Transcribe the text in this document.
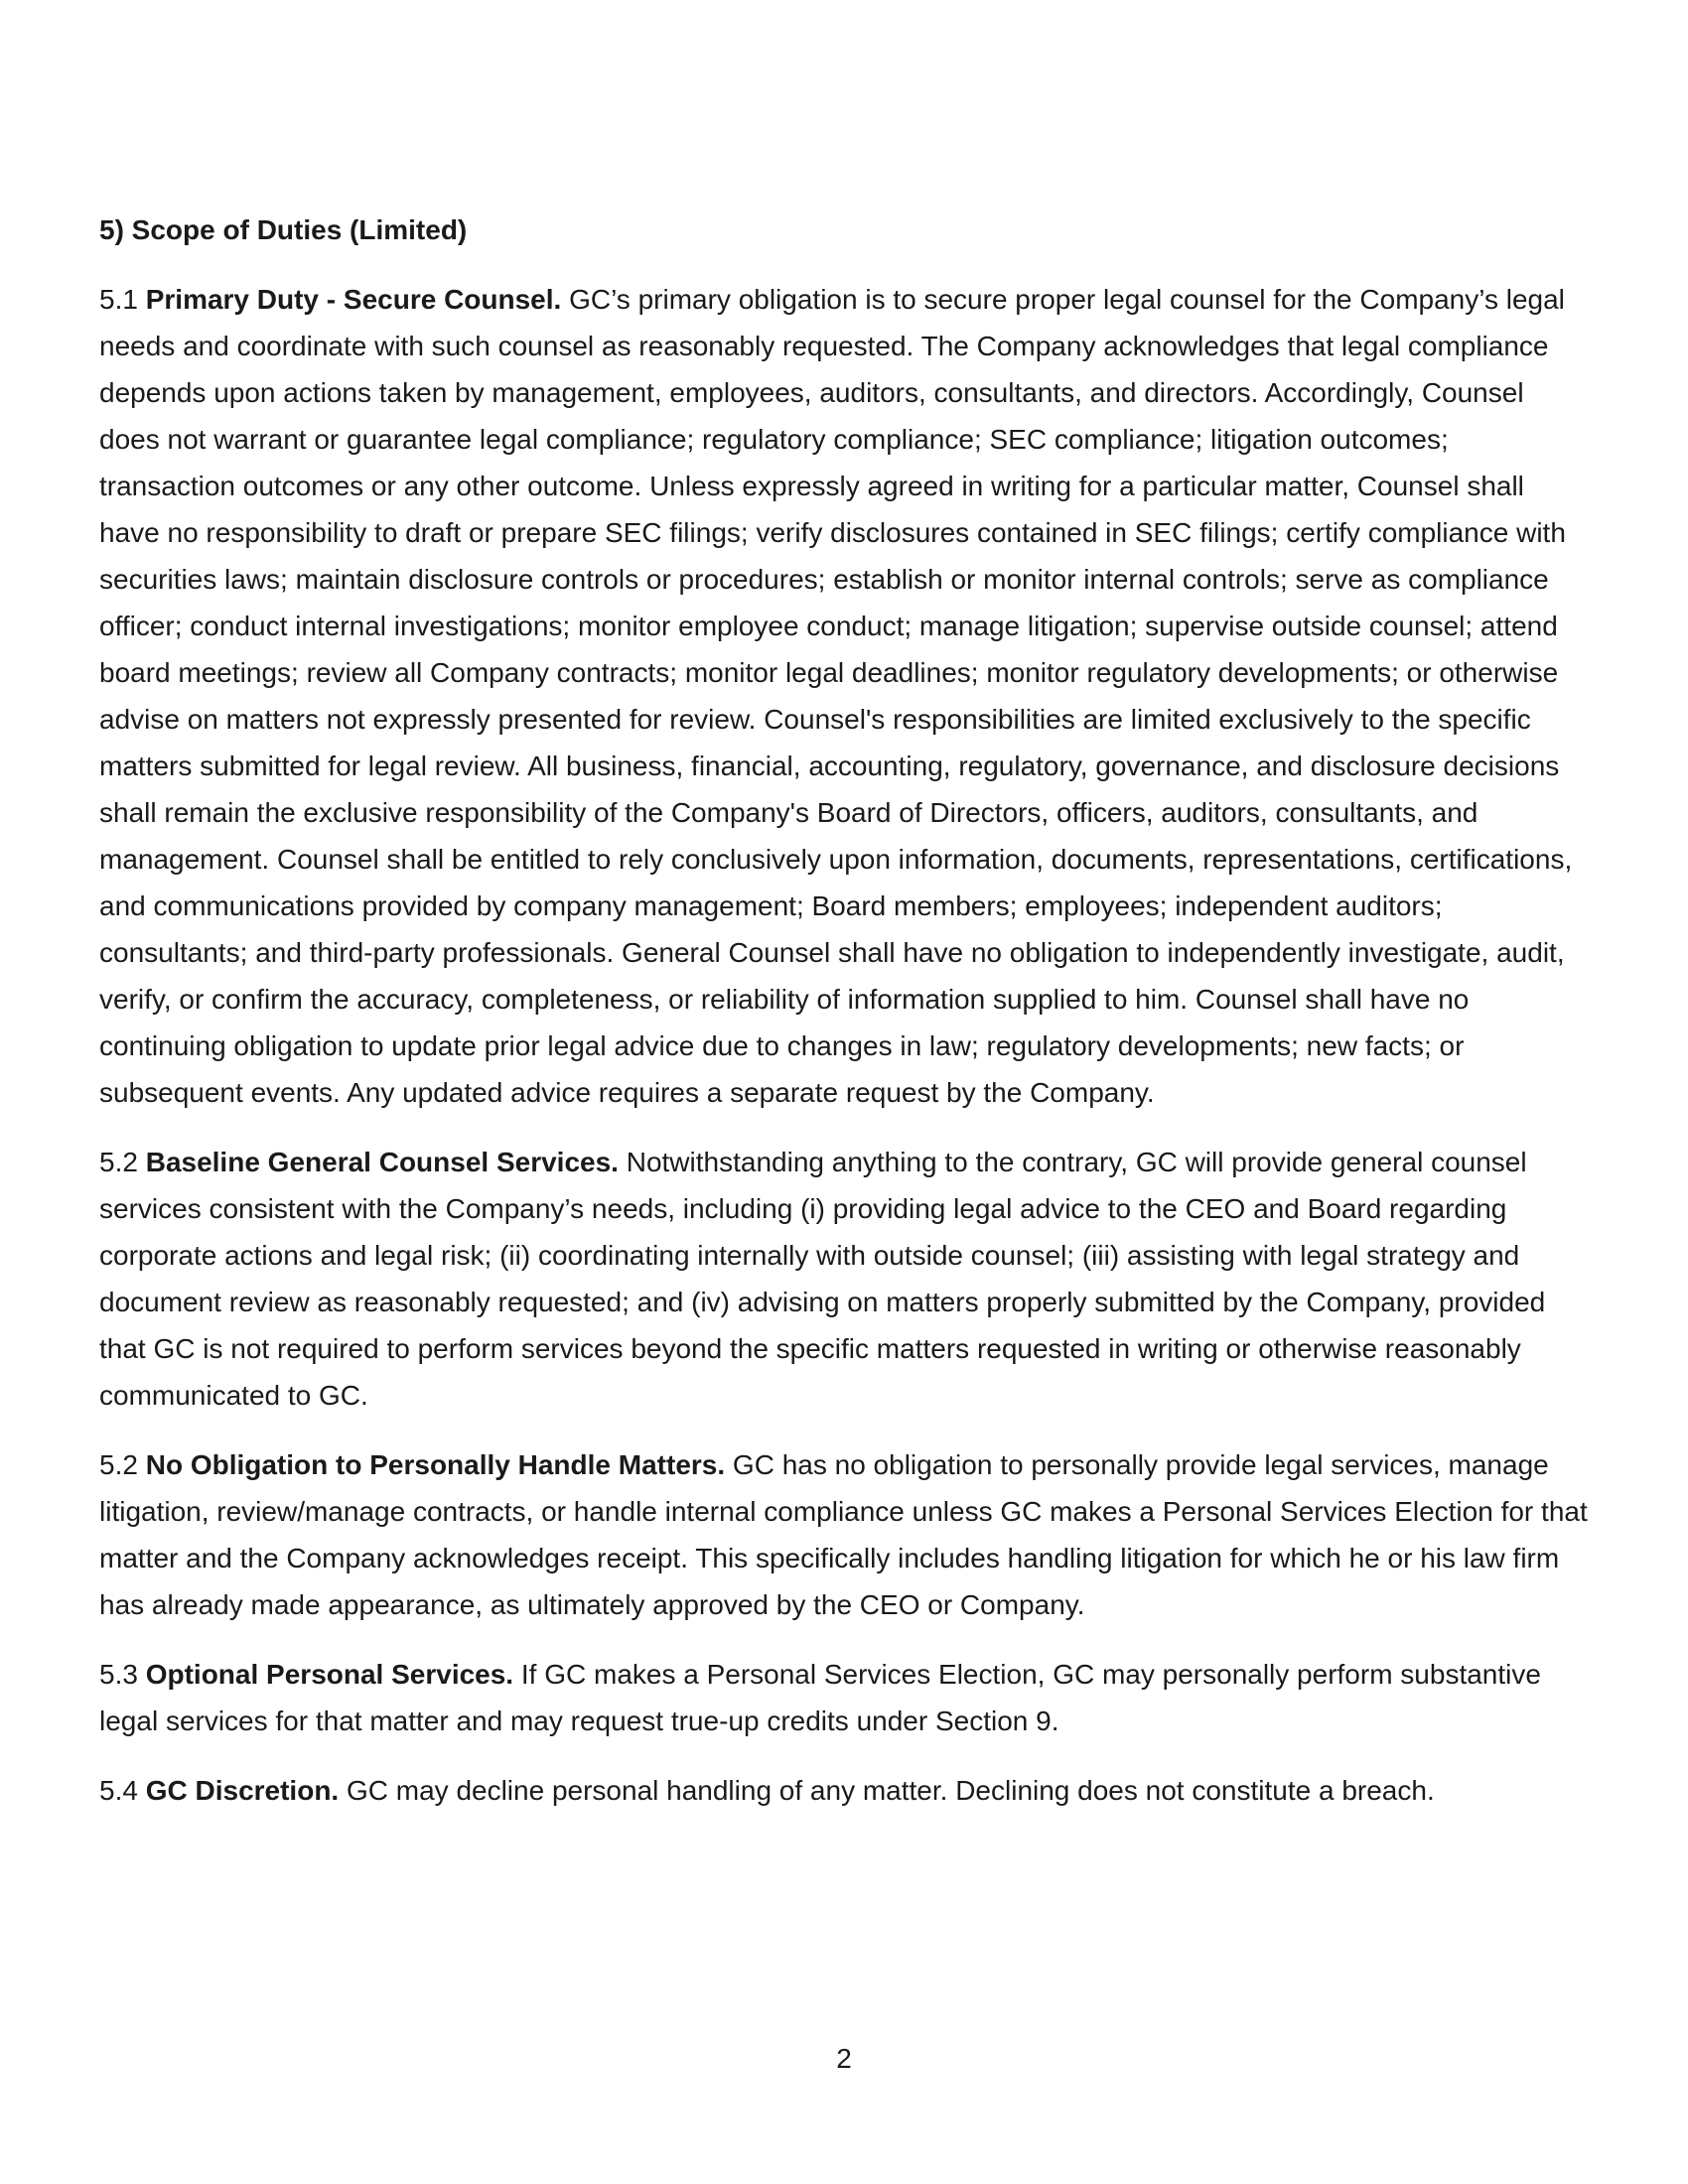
5) Scope of Duties (Limited)

5.1 Primary Duty - Secure Counsel. GC’s primary obligation is to secure proper legal counsel for the Company’s legal needs and coordinate with such counsel as reasonably requested. The Company acknowledges that legal compliance depends upon actions taken by management, employees, auditors, consultants, and directors. Accordingly, Counsel does not warrant or guarantee legal compliance; regulatory compliance; SEC compliance; litigation outcomes; transaction outcomes or any other outcome. Unless expressly agreed in writing for a particular matter, Counsel shall have no responsibility to draft or prepare SEC filings; verify disclosures contained in SEC filings; certify compliance with securities laws; maintain disclosure controls or procedures; establish or monitor internal controls; serve as compliance officer; conduct internal investigations; monitor employee conduct; manage litigation; supervise outside counsel; attend board meetings; review all Company contracts; monitor legal deadlines; monitor regulatory developments; or otherwise advise on matters not expressly presented for review. Counsel's responsibilities are limited exclusively to the specific matters submitted for legal review. All business, financial, accounting, regulatory, governance, and disclosure decisions shall remain the exclusive responsibility of the Company's Board of Directors, officers, auditors, consultants, and management. Counsel shall be entitled to rely conclusively upon information, documents, representations, certifications, and communications provided by company management; Board members; employees; independent auditors; consultants; and third-party professionals. General Counsel shall have no obligation to independently investigate, audit, verify, or confirm the accuracy, completeness, or reliability of information supplied to him. Counsel shall have no continuing obligation to update prior legal advice due to changes in law; regulatory developments; new facts; or subsequent events. Any updated advice requires a separate request by the Company.

5.2 Baseline General Counsel Services. Notwithstanding anything to the contrary, GC will provide general counsel services consistent with the Company’s needs, including (i) providing legal advice to the CEO and Board regarding corporate actions and legal risk; (ii) coordinating internally with outside counsel; (iii) assisting with legal strategy and document review as reasonably requested; and (iv) advising on matters properly submitted by the Company, provided that GC is not required to perform services beyond the specific matters requested in writing or otherwise reasonably communicated to GC.

5.2 No Obligation to Personally Handle Matters. GC has no obligation to personally provide legal services, manage litigation, review/manage contracts, or handle internal compliance unless GC makes a Personal Services Election for that matter and the Company acknowledges receipt. This specifically includes handling litigation for which he or his law firm has already made appearance, as ultimately approved by the CEO or Company.

5.3 Optional Personal Services. If GC makes a Personal Services Election, GC may personally perform substantive legal services for that matter and may request true-up credits under Section 9.

5.4 GC Discretion. GC may decline personal handling of any matter. Declining does not constitute a breach.

2
